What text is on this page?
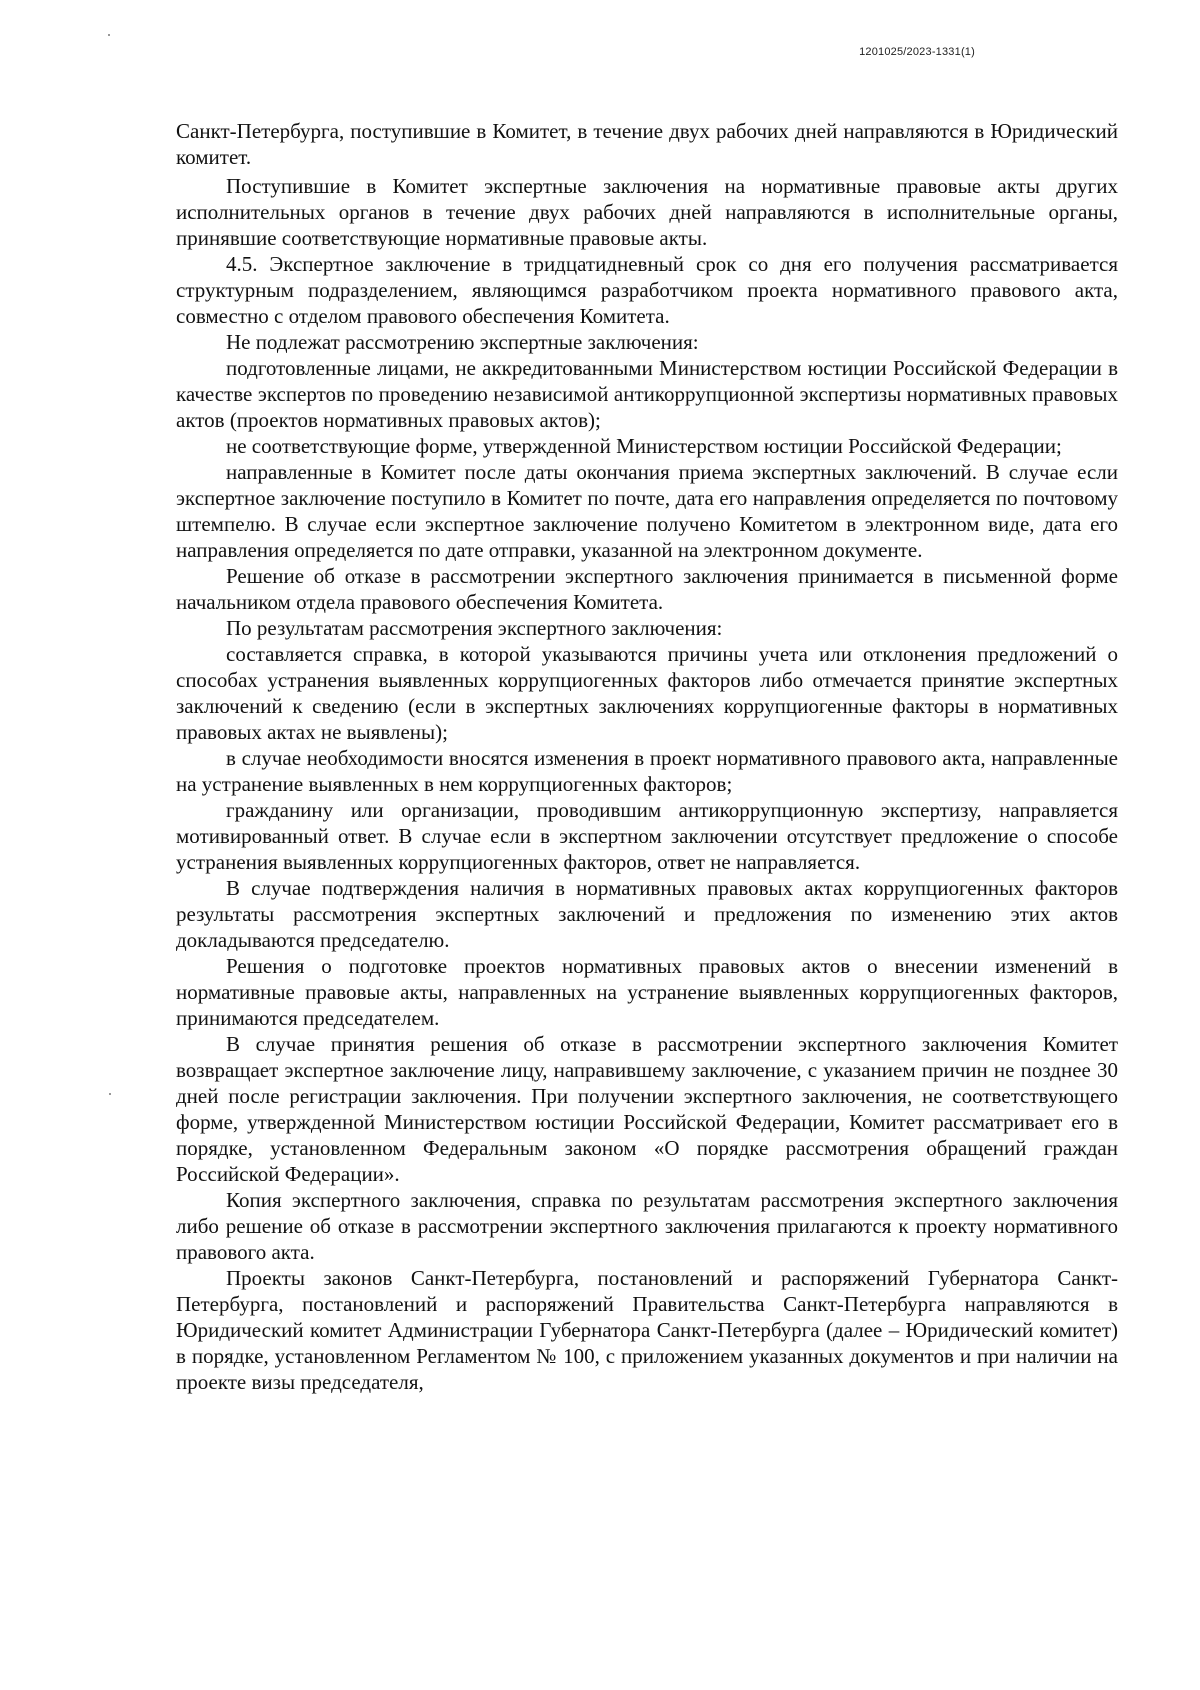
1201025/2023-1331(1)

Санкт-Петербурга, поступившие в Комитет, в течение двух рабочих дней направляются в Юридический комитет.

Поступившие в Комитет экспертные заключения на нормативные правовые акты других исполнительных органов в течение двух рабочих дней направляются в исполнительные органы, принявшие соответствующие нормативные правовые акты.

4.5. Экспертное заключение в тридцатидневный срок со дня его получения рассматривается структурным подразделением, являющимся разработчиком проекта нормативного правового акта, совместно с отделом правового обеспечения Комитета.

Не подлежат рассмотрению экспертные заключения:

подготовленные лицами, не аккредитованными Министерством юстиции Российской Федерации в качестве экспертов по проведению независимой антикоррупционной экспертизы нормативных правовых актов (проектов нормативных правовых актов);

не соответствующие форме, утвержденной Министерством юстиции Российской Федерации;

направленные в Комитет после даты окончания приема экспертных заключений. В случае если экспертное заключение поступило в Комитет по почте, дата его направления определяется по почтовому штемпелю. В случае если экспертное заключение получено Комитетом в электронном виде, дата его направления определяется по дате отправки, указанной на электронном документе.

Решение об отказе в рассмотрении экспертного заключения принимается в письменной форме начальником отдела правового обеспечения Комитета.

По результатам рассмотрения экспертного заключения:

составляется справка, в которой указываются причины учета или отклонения предложений о способах устранения выявленных коррупциогенных факторов либо отмечается принятие экспертных заключений к сведению (если в экспертных заключениях коррупциогенные факторы в нормативных правовых актах не выявлены);

в случае необходимости вносятся изменения в проект нормативного правового акта, направленные на устранение выявленных в нем коррупциогенных факторов;

гражданину или организации, проводившим антикоррупционную экспертизу, направляется мотивированный ответ. В случае если в экспертном заключении отсутствует предложение о способе устранения выявленных коррупциогенных факторов, ответ не направляется.

В случае подтверждения наличия в нормативных правовых актах коррупциогенных факторов результаты рассмотрения экспертных заключений и предложения по изменению этих актов докладываются председателю.

Решения о подготовке проектов нормативных правовых актов о внесении изменений в нормативные правовые акты, направленных на устранение выявленных коррупциогенных факторов, принимаются председателем.

В случае принятия решения об отказе в рассмотрении экспертного заключения Комитет возвращает экспертное заключение лицу, направившему заключение, с указанием причин не позднее 30 дней после регистрации заключения. При получении экспертного заключения, не соответствующего форме, утвержденной Министерством юстиции Российской Федерации, Комитет рассматривает его в порядке, установленном Федеральным законом «О порядке рассмотрения обращений граждан Российской Федерации».

Копия экспертного заключения, справка по результатам рассмотрения экспертного заключения либо решение об отказе в рассмотрении экспертного заключения прилагаются к проекту нормативного правового акта.

Проекты законов Санкт-Петербурга, постановлений и распоряжений Губернатора Санкт-Петербурга, постановлений и распоряжений Правительства Санкт-Петербурга направляются в Юридический комитет Администрации Губернатора Санкт-Петербурга (далее – Юридический комитет) в порядке, установленном Регламентом № 100, с приложением указанных документов и при наличии на проекте визы председателя,
